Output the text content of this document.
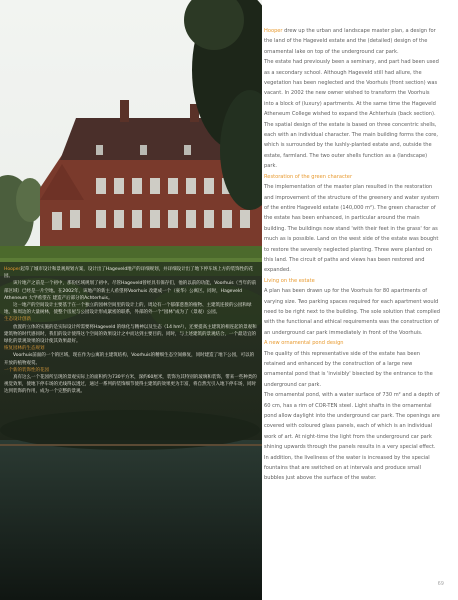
Hooper起草了城市设计和景观规划方案，设计出了Hageveld地产的详细规划，并详细设计出了地下停车场上方的装饰性的花园。

该片地产之前是一个初中，那份区域规划了初中。尽管Hageveld曾经具有保存们，他的以前的功能，Voorhuis（当年的前部区域）已经是一片空地。在2002年，该地产的新主人希望将Voorhuis 改建成一个（豪华）公寓区。同时，Hageveld Atheneum 大学希望在 建造产后部分的Achterhuis。

这一地产的空间设计主要基于在一个独立的园林空间里的设计上的，周边有一个郁郁葱葱的植物、主建筑连接的公园和绿地，和周边的大量树林，使整个房屋与公园设计形成紧密的联系，外部的外一个“园林”成为了（景观）公园。

生态设计创新

放置的立体的实施的是实际设计所需要将Hageveld 的绿化与精神以及生态（14 hm²），还要提高主建筑的相连起的景观和建筑物的时代感同时，我们的设计使得这个空间的效果设计之中而达到主要目的。同时，与上述建筑的景观结合，一个最适宜的绿化的景观效果的设计使其效果最好。

恢复园林的生态规划

Voorhuis前面的一个的区域，现在作为公寓的主建筑结构，Voorhuis的精细生态空间修复，同时建造了地下公园，可以的开放的植物观赏。

一个新的装饰性的花园

真有这么一个花园所呈现的景观实际上的面积约为730平方米，深约60厘米，装饰为其特别的玻璃和装饰，带来一些种类的视觉效果，使地下停车场的光线得以透过，通过一系列的装饰细节使得主建筑的效果更为丰富，将自然光引入地下停车场，同时达到装饰的作用，成为一个完整的景观。

Hooper drew up the urban and landscape master plan, a design for the land of the Hageveld estate and the (detailed) design of the ornamental lake on top of the underground car park.

The estate had previously been a seminary, and part had been used as a secondary school. Although Hageveld still had allure, the vegetation has been neglected and the Voorhuis (front section) was vacant. In 2002 the new owner wished to transform the Voorhuis into a block of (luxury) apartments. At the same time the Hageveld Atheneum College wished to expand the Achterhuis (back section).

The spatial design of the estate is based on three concentric shells, each with an individual character. The main building forms the core, which is surrounded by the lushly-planted estate and, outside the estate, farmland. The two outer shells function as a (landscape) park.

Restoration of the green character

The implementation of the master plan resulted in the restoration and improvement of the structure of the greenery and water system of the entire Hageveld estate (140,000 m²). The green character of the estate has been enhanced, in particular around the main building. The buildings now stand 'with their feet in the grass' for as much as is possible. Land on the west side of the estate was bought to restore the severely neglected planting. Three were planted on this land. The circuit of paths and views has been restored and expanded.

Living on the estate

A plan has been drawn up for the Voorhuis for 80 apartments of varying size. Two parking spaces required for each apartment would need to be right next to the building. The sole solution that complied with the functional and ethical requirements was the construction of an underground car park immediately in front of the Voorhuis.

A new ornamental pond design

The quality of this representative side of the estate has been retained and enhanced by the construction of a large new ornamental pond that is 'invisibly' bisected by the entrance to the underground car park.

The ornamental pond, with a water surface of 730 m² and a depth of 60 cm, has a rim of COR-TEN steel. Light shafts in the ornamental pond allow daylight into the underground car park. The openings are covered with coloured glass panels, each of which is an individual work of art. At night-time the light from the underground car park shining upwards through the panels results in a very special effect. In addition, the liveliness of the water is increased by the special fountains that are switched on at intervals and produce small bubbles just above the surface of the water.

69
